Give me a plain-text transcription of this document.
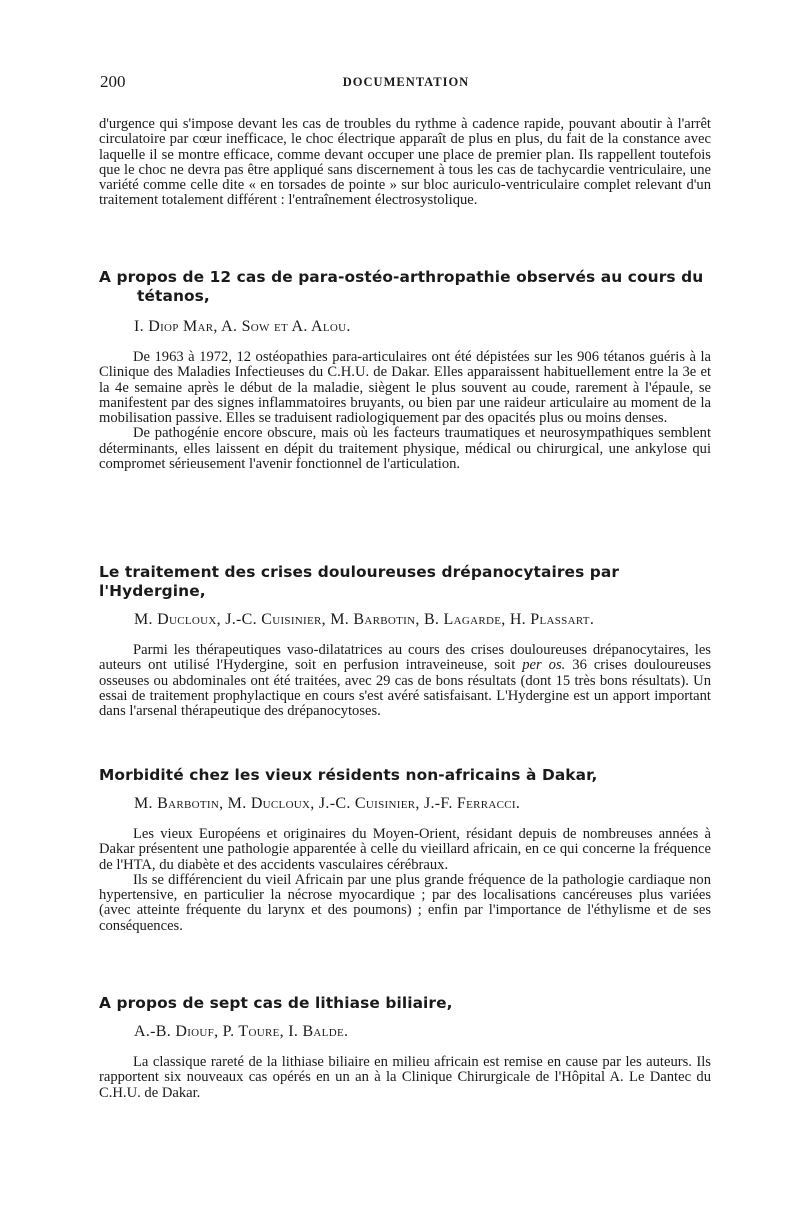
200	DOCUMENTATION

d'urgence qui s'impose devant les cas de troubles du rythme à cadence rapide, pouvant aboutir à l'arrêt circulatoire par cœur inefficace, le choc électrique apparaît de plus en plus, du fait de la constance avec laquelle il se montre efficace, comme devant occuper une place de premier plan. Ils rappellent toutefois que le choc ne devra pas être appliqué sans discernement à tous les cas de tachycardie ventriculaire, une variété comme celle dite « en torsades de pointe » sur bloc auriculo-ventriculaire complet relevant d'un traitement totalement différent : l'entraînement électrosystolique.

A propos de 12 cas de para-ostéo-arthropathie observés au cours du
tétanos,
I. Diop Mar, A. Sow et A. Alou.

De 1963 à 1972, 12 ostéopathies para-articulaires ont été dépistées sur les 906 tétanos guéris à la Clinique des Maladies Infectieuses du C.H.U. de Dakar. Elles apparaissent habituellement entre la 3e et la 4e semaine après le début de la maladie, siègent le plus souvent au coude, rarement à l'épaule, se manifestent par des signes inflammatoires bruyants, ou bien par une raideur articulaire au moment de la mobilisation passive. Elles se traduisent radiologiquement par des opacités plus ou moins denses.

De pathogénie encore obscure, mais où les facteurs traumatiques et neurosympathiques semblent déterminants, elles laissent en dépit du traitement physique, médical ou chirurgical, une ankylose qui compromet sérieusement l'avenir fonctionnel de l'articulation.

Le traitement des crises douloureuses drépanocytaires par l'Hydergine,
M. Ducloux, J.-C. Cuisinier, M. Barbotin, B. Lagarde, H. Plassart.

Parmi les thérapeutiques vaso-dilatatrices au cours des crises douloureuses drépanocytaires, les auteurs ont utilisé l'Hydergine, soit en perfusion intraveineuse, soit per os. 36 crises douloureuses osseuses ou abdominales ont été traitées, avec 29 cas de bons résultats (dont 15 très bons résultats). Un essai de traitement prophylactique en cours s'est avéré satisfaisant. L'Hydergine est un apport important dans l'arsenal thérapeutique des drépanocytoses.

Morbidité chez les vieux résidents non-africains à Dakar,
M. Barbotin, M. Ducloux, J.-C. Cuisinier, J.-F. Ferracci.

Les vieux Européens et originaires du Moyen-Orient, résidant depuis de nombreuses années à Dakar présentent une pathologie apparentée à celle du vieillard africain, en ce qui concerne la fréquence de l'HTA, du diabète et des accidents vasculaires cérébraux.

Ils se différencient du vieil Africain par une plus grande fréquence de la pathologie cardiaque non hypertensive, en particulier la nécrose myocardique ; par des localisations cancéreuses plus variées (avec atteinte fréquente du larynx et des poumons) ; enfin par l'importance de l'éthylisme et de ses conséquences.

A propos de sept cas de lithiase biliaire,
A.-B. Diouf, P. Toure, I. Balde.

La classique rareté de la lithiase biliaire en milieu africain est remise en cause par les auteurs. Ils rapportent six nouveaux cas opérés en un an à la Clinique Chirurgicale de l'Hôpital A. Le Dantec du C.H.U. de Dakar.
